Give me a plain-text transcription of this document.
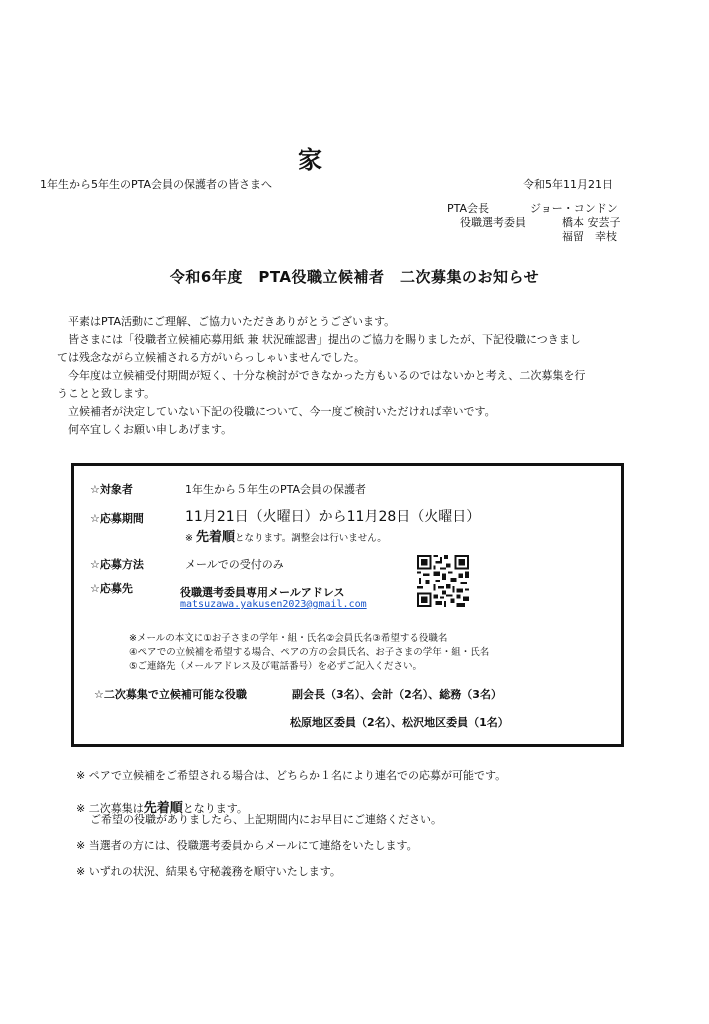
家
1年生から5年生のPTA会員の保護者の皆さまへ	令和5年11月21日
PTA会長	ジョー・コンドン
役職選考委員	橋本 安芸子
福留　幸枝
令和6年度　PTA役職立候補者　二次募集のお知らせ
平素はPTA活動にご理解、ご協力いただきありがとうございます。
皆さまには「役職者立候補応募用紙 兼 状況確認書」提出のご協力を賜りましたが、下記役職につきまし
ては残念ながら立候補される方がいらっしゃいませんでした。
今年度は立候補受付期間が短く、十分な検討ができなかった方もいるのではないかと考え、二次募集を行
うことと致します。
立候補者が決定していない下記の役職について、今一度ご検討いただければ幸いです。
何卒宜しくお願い申しあげます。
☆対象者	1年生から５年生のPTA会員の保護者
☆応募期間	11月21日（火曜日）から11月28日（火曜日）
※ 先着順となります。調整会は行いません。
☆応募方法	メールでの受付のみ
☆応募先	役職選考委員専用メールアドレス
matsuzawa.yakusen2023@gmail.com
※メールの本文に①お子さまの学年・組・氏名②会員氏名③希望する役職名
④ペアでの立候補を希望する場合、ペアの方の会員氏名、お子さまの学年・組・氏名
⑤ご連絡先（メールアドレス及び電話番号）を必ずご記入ください。
☆二次募集で立候補可能な役職	副会長（3名）、会計（2名）、総務（3名）
松原地区委員（2名）、松沢地区委員（1名）
※ ペアで立候補をご希望される場合は、どちらか１名により連名での応募が可能です。
※ 二次募集は先着順となります。
ご希望の役職がありましたら、上記期間内にお早目にご連絡ください。
※ 当選者の方には、役職選考委員からメールにて連絡をいたします。
※ いずれの状況、結果も守秘義務を順守いたします。
